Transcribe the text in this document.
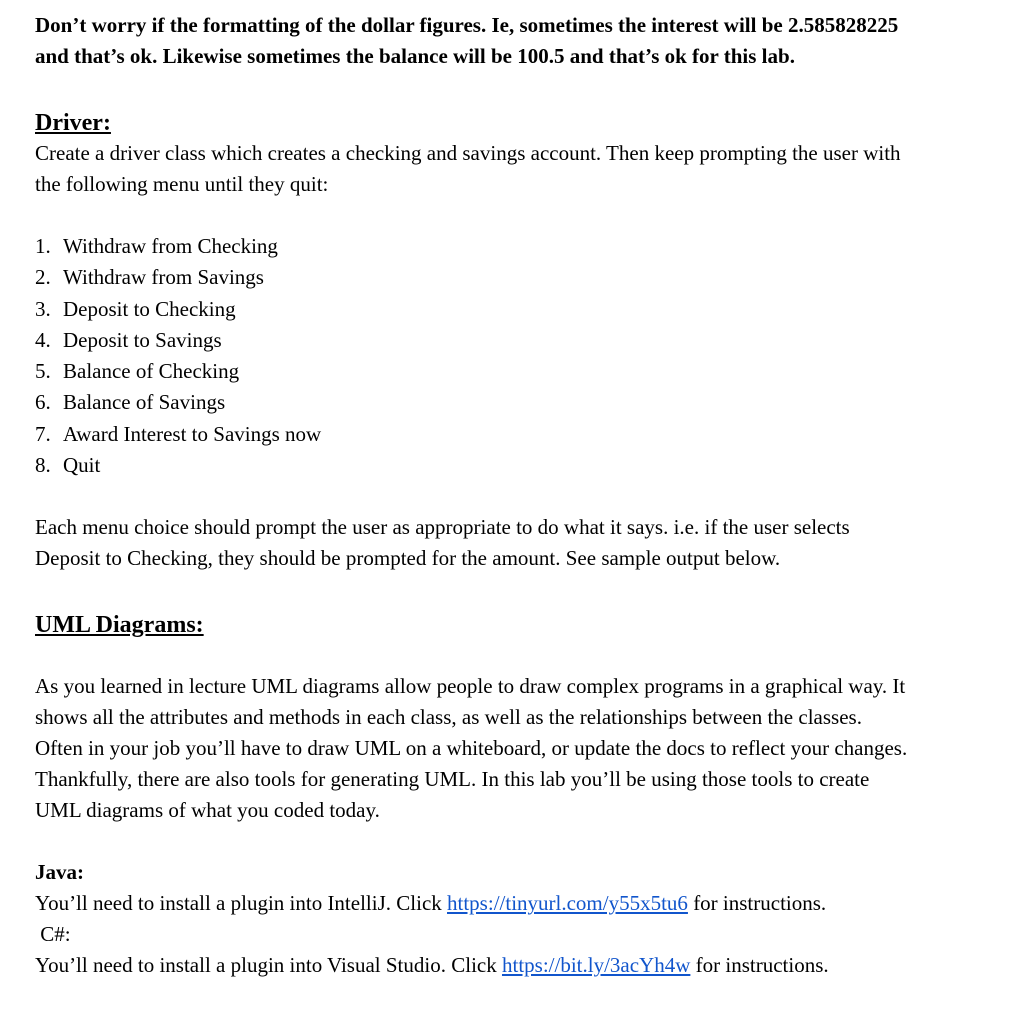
Don’t worry if the formatting of the dollar figures. Ie, sometimes the interest will be 2.585828225

and that’s ok. Likewise sometimes the balance will be 100.5 and that’s ok for this lab.

Driver:

Create a driver class which creates a checking and savings account. Then keep prompting the user with

the following menu until they quit:

1. Withdraw from Checking
2. Withdraw from Savings
3. Deposit to Checking
4. Deposit to Savings
5. Balance of Checking
6. Balance of Savings
7. Award Interest to Savings now
8. Quit

Each menu choice should prompt the user as appropriate to do what it says. i.e. if the user selects

Deposit to Checking, they should be prompted for the amount. See sample output below.

UML Diagrams:

As you learned in lecture UML diagrams allow people to draw complex programs in a graphical way. It

shows all the attributes and methods in each class, as well as the relationships between the classes.

Often in your job you’ll have to draw UML on a whiteboard, or update the docs to reflect your changes.

Thankfully, there are also tools for generating UML. In this lab you’ll be using those tools to create

UML diagrams of what you coded today.

Java:

You’ll need to install a plugin into IntelliJ. Click https://tinyurl.com/y55x5tu6 for instructions.

C#:

You’ll need to install a plugin into Visual Studio. Click https://bit.ly/3acYh4w for instructions.
